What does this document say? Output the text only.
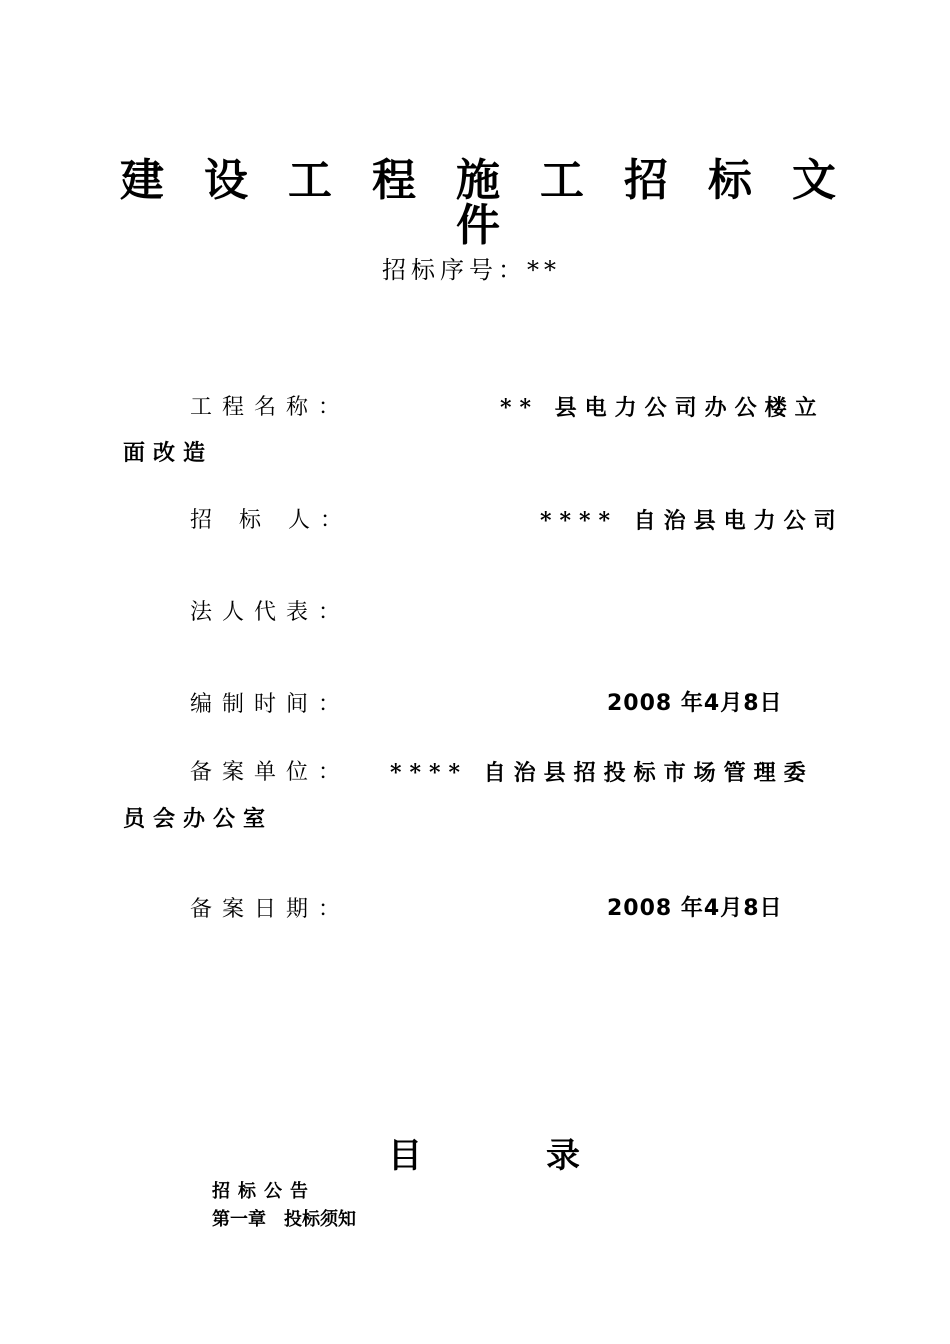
建 设 工 程 施 工 招 标 文
件
招标序号：**
工程名称：	** 县电力公司办公楼立
面改造
招 标 人：	**** 自治县电力公司
法人代表：
编制时间：	2008 年4月8日
备案单位： **** 自治县招投标市场管理委
员会办公室
备案日期：	2008 年4月8日
目	录
招标公告
第一章　投标须知
